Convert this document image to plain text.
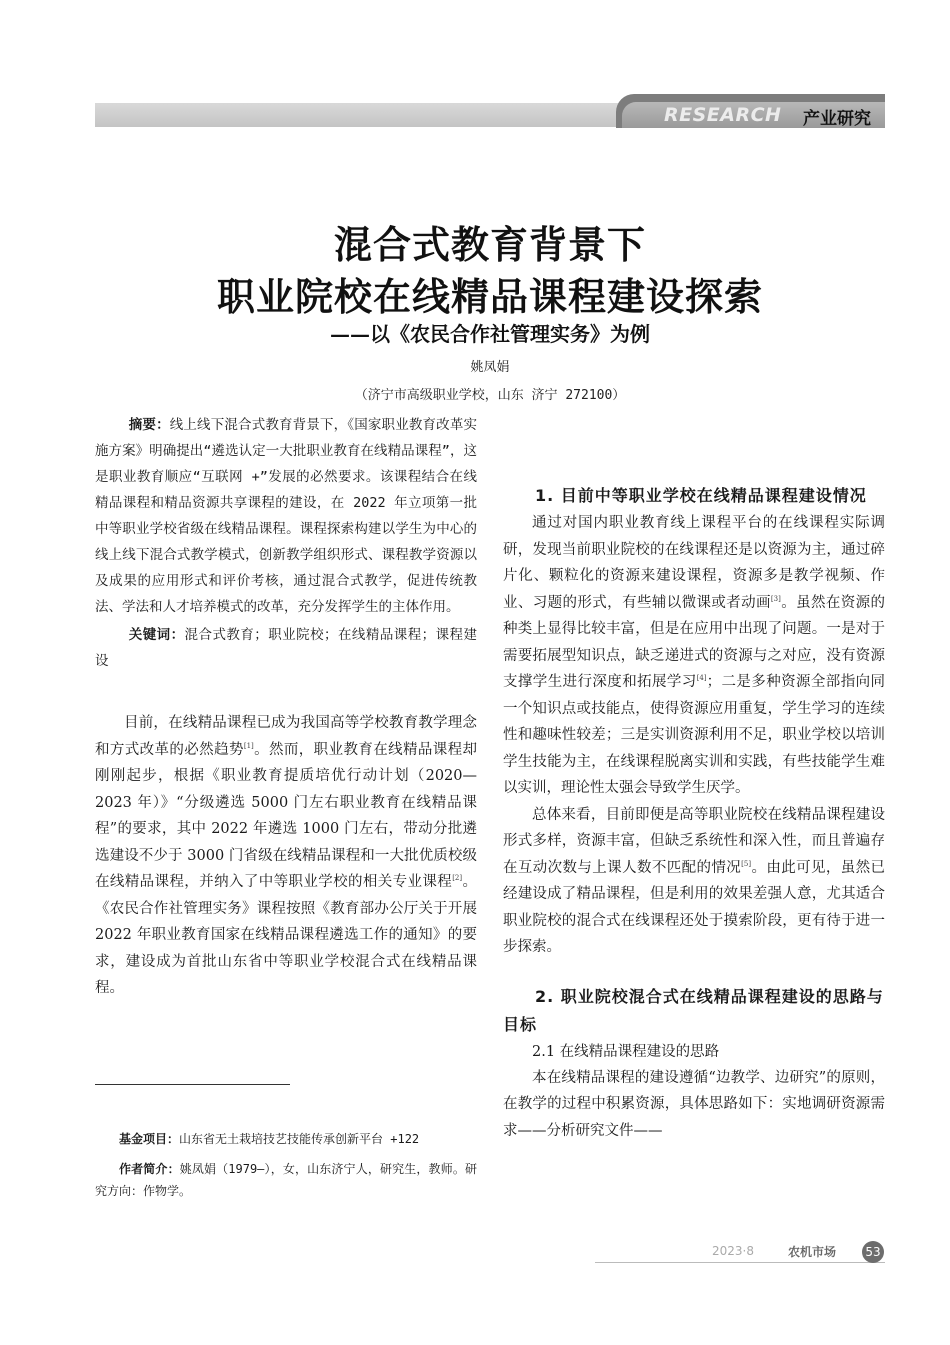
RESEARCH 产业研究
混合式教育背景下
职业院校在线精品课程建设探索
——以《农民合作社管理实务》为例
姚凤娟
（济宁市高级职业学校，山东 济宁 272100）

摘要：线上线下混合式教育背景下，《国家职业教育改革实施方案》明确提出“遴选认定一大批职业教育在线精品课程”，这是职业教育顺应“互联网 +”发展的必然要求。该课程结合在线精品课程和精品资源共享课程的建设，在 2022 年立项第一批中等职业学校省级在线精品课程。课程探索构建以学生为中心的线上线下混合式教学模式，创新教学组织形式、课程教学资源以及成果的应用形式和评价考核，通过混合式教学，促进传统教法、学法和人才培养模式的改革，充分发挥学生的主体作用。

关键词：混合式教育；职业院校；在线精品课程；课程建设

目前，在线精品课程已成为我国高等学校教育教学理念和方式改革的必然趋势[1]。然而，职业教育在线精品课程却刚刚起步，根据《职业教育提质培优行动计划（2020—2023 年）》“分级遴选 5000 门左右职业教育在线精品课程”的要求，其中 2022 年遴选 1000 门左右，带动分批遴选建设不少于 3000 门省级在线精品课程和一大批优质校级在线精品课程，并纳入了中等职业学校的相关专业课程[2]。《农民合作社管理实务》课程按照《教育部办公厅关于开展 2022 年职业教育国家在线精品课程遴选工作的通知》的要求，建设成为首批山东省中等职业学校混合式在线精品课程。

基金项目：山东省无土栽培技艺技能传承创新平台 +122

作者简介：姚凤娟（1979—），女，山东济宁人，研究生，教师。研究方向：作物学。

1. 目前中等职业学校在线精品课程建设情况

通过对国内职业教育线上课程平台的在线课程实际调研，发现当前职业院校的在线课程还是以资源为主，通过碎片化、颗粒化的资源来建设课程，资源多是教学视频、作业、习题的形式，有些辅以微课或者动画[3]。虽然在资源的种类上显得比较丰富，但是在应用中出现了问题。一是对于需要拓展型知识点，缺乏递进式的资源与之对应，没有资源支撑学生进行深度和拓展学习[4]；二是多种资源全部指向同一个知识点或技能点，使得资源应用重复，学生学习的连续性和趣味性较差；三是实训资源利用不足，职业学校以培训学生技能为主，在线课程脱离实训和实践，有些技能学生难以实训，理论性太强会导致学生厌学。

总体来看，目前即便是高等职业院校在线精品课程建设形式多样，资源丰富，但缺乏系统性和深入性，而且普遍存在互动次数与上课人数不匹配的情况[5]。由此可见，虽然已经建设成了精品课程，但是利用的效果差强人意，尤其适合职业院校的混合式在线课程还处于摸索阶段，更有待于进一步探索。

2. 职业院校混合式在线精品课程建设的思路与目标

2.1 在线精品课程建设的思路

本在线精品课程的建设遵循“边教学、边研究”的原则，在教学的过程中积累资源，具体思路如下：实地调研资源需求——分析研究文件——

2023·8	农机市场 53
